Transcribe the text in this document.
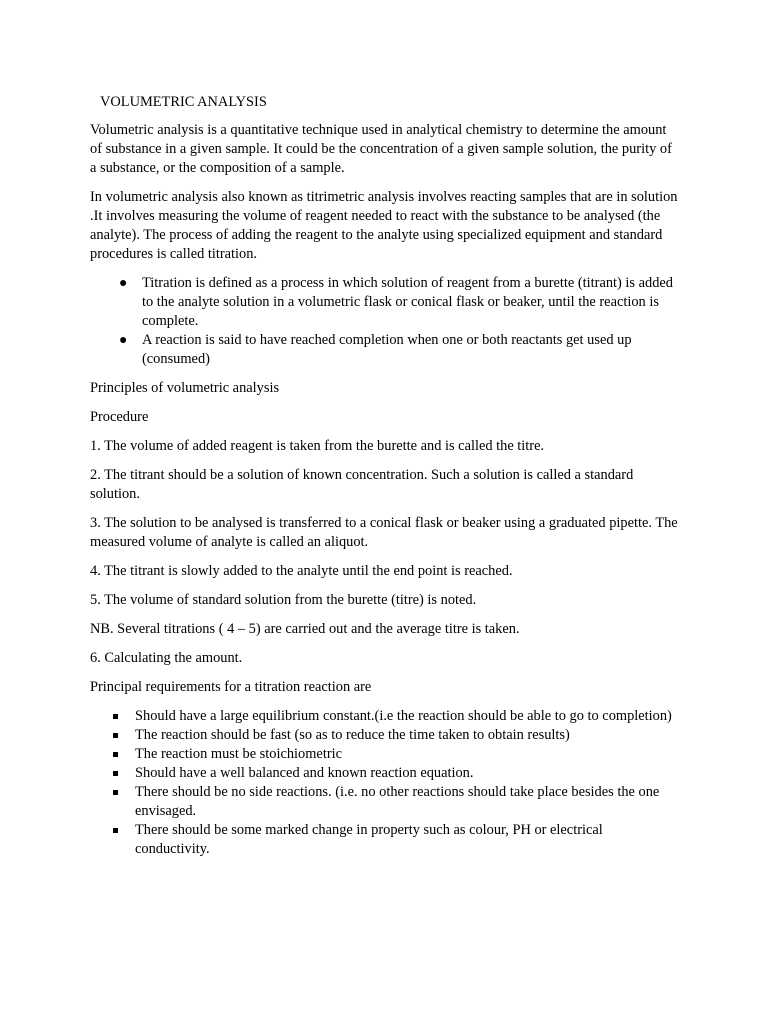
VOLUMETRIC ANALYSIS

Volumetric analysis is a quantitative technique used in analytical chemistry to determine the amount of substance in a given sample. It could be the concentration of a given sample solution, the purity of a substance, or the composition of a sample.

In volumetric analysis also known as titrimetric analysis involves reacting samples that are in solution .It involves measuring the volume of reagent needed to react with the substance to be analysed (the analyte). The process of adding the reagent to the analyte using specialized equipment and standard procedures is called titration.

● Titration is defined as a process in which solution of reagent from a burette (titrant) is added to the analyte solution in a volumetric flask or conical flask or beaker, until the reaction is complete.
● A reaction is said to have reached completion when one or both reactants get used up (consumed)

Principles of volumetric analysis

Procedure

1. The volume of added reagent is taken from the burette and is called the titre.

2. The titrant should be a solution of known concentration. Such a solution is called a standard solution.

3. The solution to be analysed is transferred to a conical flask or beaker using a graduated pipette. The measured volume of analyte is called an aliquot.

4. The titrant is slowly added to the analyte until the end point is reached.

5. The volume of standard solution from the burette (titre) is noted.

NB. Several titrations ( 4 – 5) are carried out and the average titre is taken.

6. Calculating the amount.

Principal requirements for a titration reaction are

Should have a large equilibrium constant.(i.e the reaction should be able to go to completion)
The reaction should be fast (so as to reduce the time taken to obtain results)
The reaction must be stoichiometric
Should have a well balanced and known reaction equation.
There should be no side reactions. (i.e. no other reactions should take place besides the one envisaged.
There should be some marked change in property such as colour, PH or electrical conductivity.
